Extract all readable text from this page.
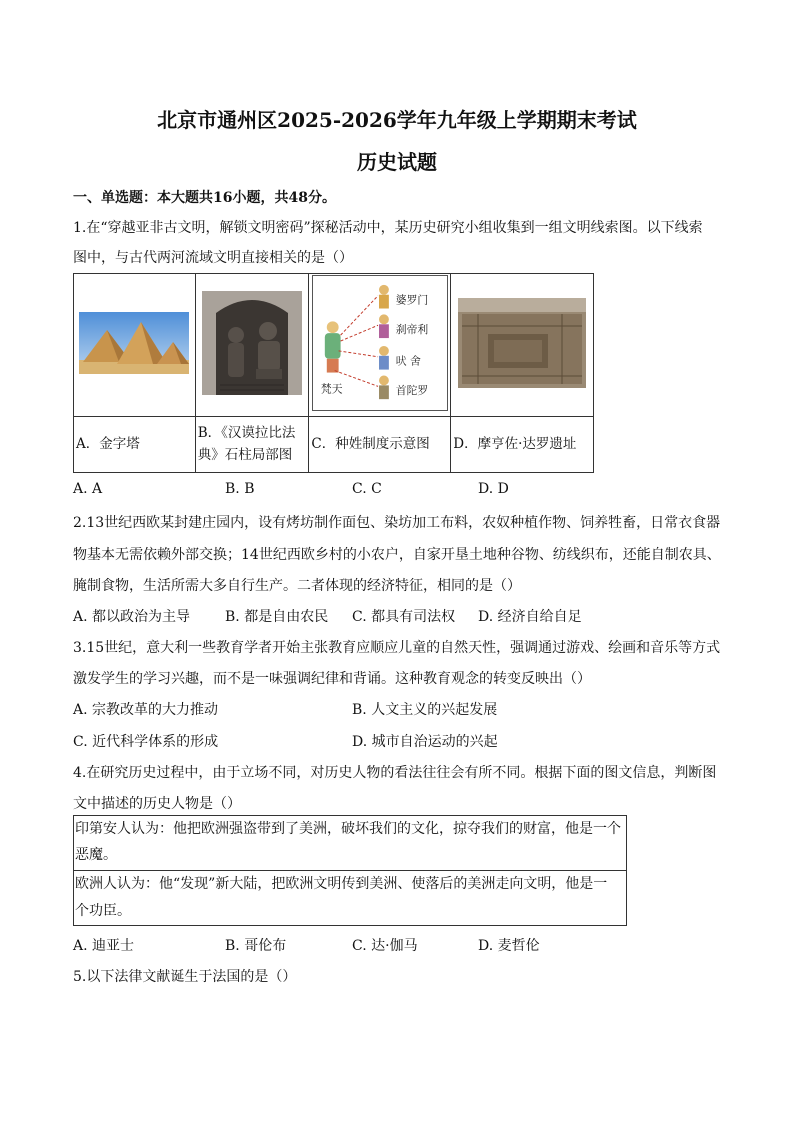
北京市通州区2025-2026学年九年级上学期期末考试
历史试题
一、单选题：本大题共16小题，共48分。
1.在“穿越亚非古文明，解锁文明密码”探秘活动中，某历史研究小组收集到一组文明线索图。以下线索
图中，与古代两河流域文明直接相关的是（）

婆罗门
刹帝利
吠 舍
首陀罗
梵天

A．金字塔	B．《汉谟拉比法
典》石柱局部图	C．种姓制度示意图	D．摩亨佐·达罗遗址
A. A	B. B	C. C	D. D
2.13世纪西欧某封建庄园内，设有烤坊制作面包、染坊加工布料，农奴种植作物、饲养牲畜，日常衣食器
物基本无需依赖外部交换；14世纪西欧乡村的小农户，自家开垦土地种谷物、纺线织布，还能自制农具、
腌制食物，生活所需大多自行生产。二者体现的经济特征，相同的是（）
A. 都以政治为主导 B. 都是自由农民 C. 都具有司法权 D. 经济自给自足
3.15世纪，意大利一些教育学者开始主张教育应顺应儿童的自然天性，强调通过游戏、绘画和音乐等方式
激发学生的学习兴趣，而不是一味强调纪律和背诵。这种教育观念的转变反映出（）
A. 宗教改革的大力推动	B. 人文主义的兴起发展
C. 近代科学体系的形成	D. 城市自治运动的兴起
4.在研究历史过程中，由于立场不同，对历史人物的看法往往会有所不同。根据下面的图文信息，判断图
文中描述的历史人物是（）
印第安人认为：他把欧洲强盗带到了美洲，破坏我们的文化，掠夺我们的财富，他是一个
恶魔。
欧洲人认为：他“发现”新大陆，把欧洲文明传到美洲、使落后的美洲走向文明，他是一
个功臣。
A. 迪亚士	B. 哥伦布	C. 达·伽马	D. 麦哲伦
5.以下法律文献诞生于法国的是（）
